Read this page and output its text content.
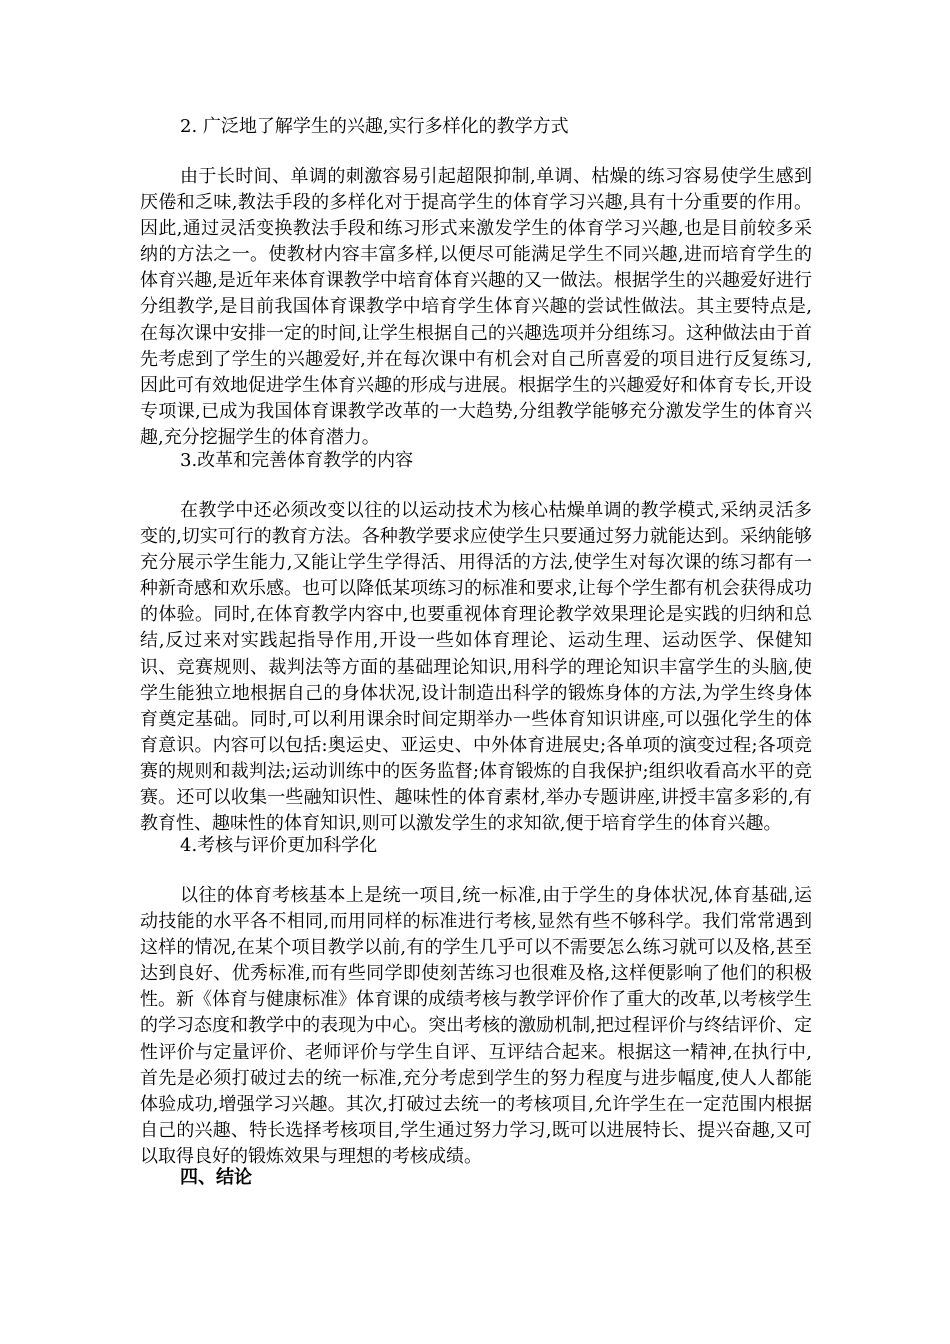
2. 广泛地了解学生的兴趣,实行多样化的教学方式

由于长时间、单调的刺激容易引起超限抑制,单调、枯燥的练习容易使学生感到厌倦和乏味,教法手段的多样化对于提高学生的体育学习兴趣,具有十分重要的作用。因此,通过灵活变换教法手段和练习形式来激发学生的体育学习兴趣,也是目前较多采纳的方法之一。使教材内容丰富多样,以便尽可能满足学生不同兴趣,进而培育学生的体育兴趣,是近年来体育课教学中培育体育兴趣的又一做法。根据学生的兴趣爱好进行分组教学,是目前我国体育课教学中培育学生体育兴趣的尝试性做法。其主要特点是,在每次课中安排一定的时间,让学生根据自己的兴趣选项并分组练习。这种做法由于首先考虑到了学生的兴趣爱好,并在每次课中有机会对自己所喜爱的项目进行反复练习,因此可有效地促进学生体育兴趣的形成与进展。根据学生的兴趣爱好和体育专长,开设专项课,已成为我国体育课教学改革的一大趋势,分组教学能够充分激发学生的体育兴趣,充分挖掘学生的体育潜力。

3.改革和完善体育教学的内容

在教学中还必须改变以往的以运动技术为核心枯燥单调的教学模式,采纳灵活多变的,切实可行的教育方法。各种教学要求应使学生只要通过努力就能达到。采纳能够充分展示学生能力,又能让学生学得活、用得活的方法,使学生对每次课的练习都有一种新奇感和欢乐感。也可以降低某项练习的标准和要求,让每个学生都有机会获得成功的体验。同时,在体育教学内容中,也要重视体育理论教学效果理论是实践的归纳和总结,反过来对实践起指导作用,开设一些如体育理论、运动生理、运动医学、保健知识、竞赛规则、裁判法等方面的基础理论知识,用科学的理论知识丰富学生的头脑,使学生能独立地根据自己的身体状况,设计制造出科学的锻炼身体的方法,为学生终身体育奠定基础。同时,可以利用课余时间定期举办一些体育知识讲座,可以强化学生的体育意识。内容可以包括:奥运史、亚运史、中外体育进展史;各单项的演变过程;各项竞赛的规则和裁判法;运动训练中的医务监督;体育锻炼的自我保护;组织收看高水平的竞赛。还可以收集一些融知识性、趣味性的体育素材,举办专题讲座,讲授丰富多彩的,有教育性、趣味性的体育知识,则可以激发学生的求知欲,便于培育学生的体育兴趣。

4.考核与评价更加科学化

以往的体育考核基本上是统一项目,统一标准,由于学生的身体状况,体育基础,运动技能的水平各不相同,而用同样的标准进行考核,显然有些不够科学。我们常常遇到这样的情况,在某个项目教学以前,有的学生几乎可以不需要怎么练习就可以及格,甚至达到良好、优秀标准,而有些同学即使刻苦练习也很难及格,这样便影响了他们的积极性。新《体育与健康标准》体育课的成绩考核与教学评价作了重大的改革,以考核学生的学习态度和教学中的表现为中心。突出考核的激励机制,把过程评价与终结评价、定性评价与定量评价、老师评价与学生自评、互评结合起来。根据这一精神,在执行中,首先是必须打破过去的统一标准,充分考虑到学生的努力程度与进步幅度,使人人都能体验成功,增强学习兴趣。其次,打破过去统一的考核项目,允许学生在一定范围内根据自己的兴趣、特长选择考核项目,学生通过努力学习,既可以进展特长、提兴奋趣,又可以取得良好的锻炼效果与理想的考核成绩。

四、结论
